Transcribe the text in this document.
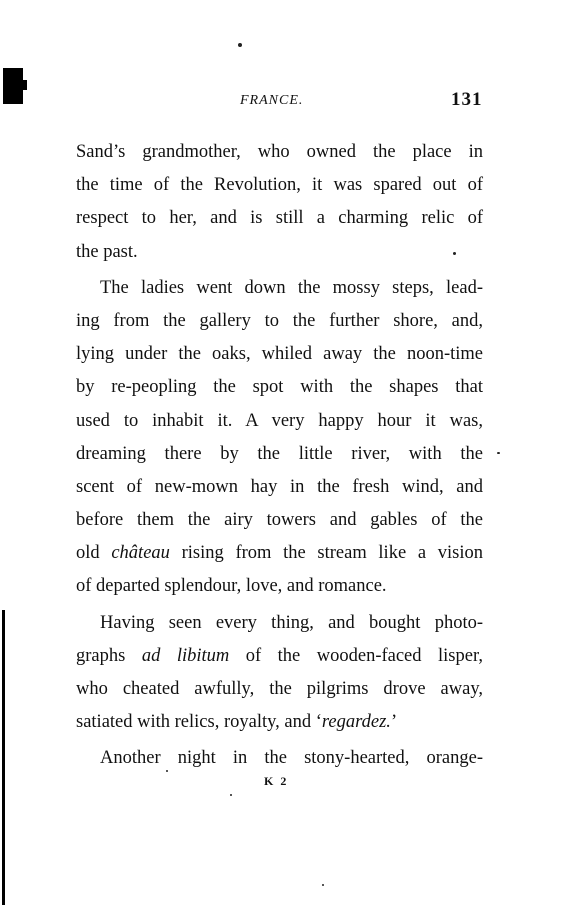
FRANCE.	131
Sand’s grandmother, who owned the place in
the time of the Revolution, it was spared out of
respect to her, and is still a charming relic of
the past.
The ladies went down the mossy steps, lead-
ing from the gallery to the further shore, and,
lying under the oaks, whiled away the noon-time
by re-peopling the spot with the shapes that
used to inhabit it. A very happy hour it was,
dreaming there by the little river, with the
scent of new-mown hay in the fresh wind, and
before them the airy towers and gables of the
old château rising from the stream like a vision
of departed splendour, love, and romance.
Having seen every thing, and bought photo-
graphs ad libitum of the wooden-faced lisper,
who cheated awfully, the pilgrims drove away,
satiated with relics, royalty, and ‘regardez.’
Another night in the stony-hearted, orange-
K 2
